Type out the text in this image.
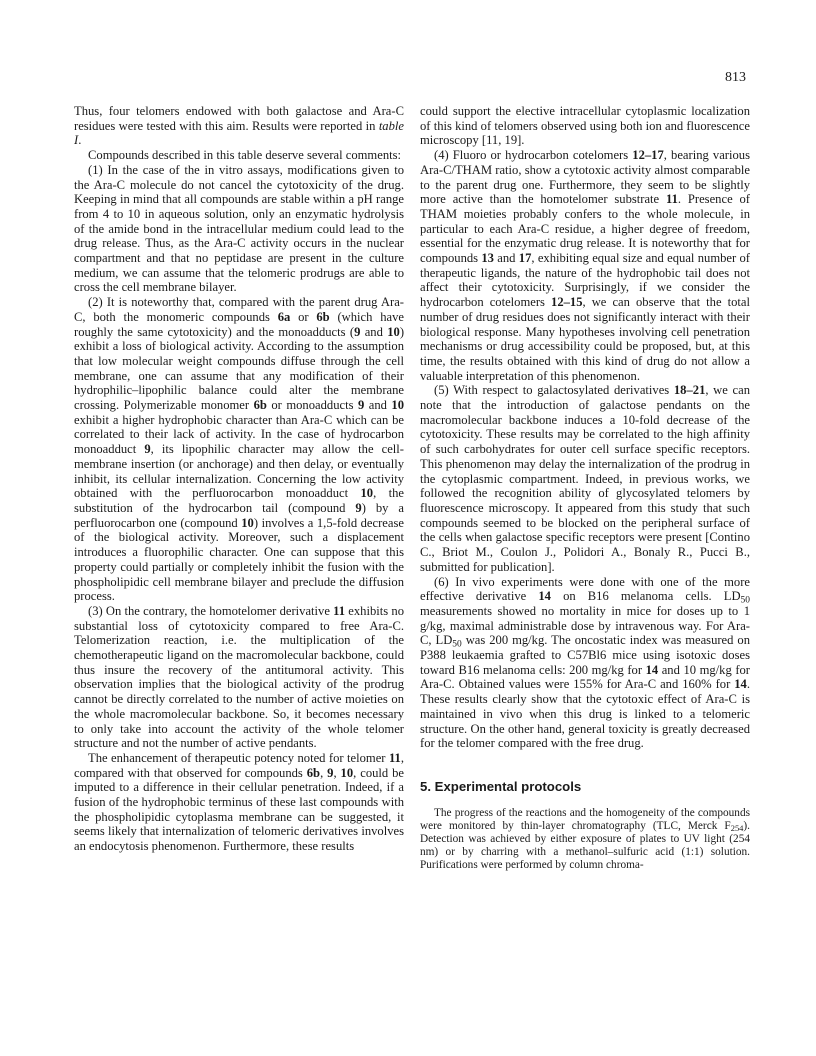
813

Thus, four telomers endowed with both galactose and Ara-C residues were tested with this aim. Results were reported in table I.

Compounds described in this table deserve several comments:

(1) In the case of the in vitro assays, modifications given to the Ara-C molecule do not cancel the cytotoxicity of the drug. Keeping in mind that all compounds are stable within a pH range from 4 to 10 in aqueous solution, only an enzymatic hydrolysis of the amide bond in the intracellular medium could lead to the drug release. Thus, as the Ara-C activity occurs in the nuclear compartment and that no peptidase are present in the culture medium, we can assume that the telomeric prodrugs are able to cross the cell membrane bilayer.

(2) It is noteworthy that, compared with the parent drug Ara-C, both the monomeric compounds 6a or 6b (which have roughly the same cytotoxicity) and the monoadducts (9 and 10) exhibit a loss of biological activity. According to the assumption that low molecular weight compounds diffuse through the cell membrane, one can assume that any modification of their hydrophilic–lipophilic balance could alter the membrane crossing. Polymerizable monomer 6b or monoadducts 9 and 10 exhibit a higher hydrophobic character than Ara-C which can be correlated to their lack of activity. In the case of hydrocarbon monoadduct 9, its lipophilic character may allow the cell-membrane insertion (or anchorage) and then delay, or eventually inhibit, its cellular internalization. Concerning the low activity obtained with the perfluorocarbon monoadduct 10, the substitution of the hydrocarbon tail (compound 9) by a perfluorocarbon one (compound 10) involves a 1,5-fold decrease of the biological activity. Moreover, such a displacement introduces a fluorophilic character. One can suppose that this property could partially or completely inhibit the fusion with the phospholipidic cell membrane bilayer and preclude the diffusion process.

(3) On the contrary, the homotelomer derivative 11 exhibits no substantial loss of cytotoxicity compared to free Ara-C. Telomerization reaction, i.e. the multiplication of the chemotherapeutic ligand on the macromolecular backbone, could thus insure the recovery of the antitumoral activity. This observation implies that the biological activity of the prodrug cannot be directly correlated to the number of active moieties on the whole macromolecular backbone. So, it becomes necessary to only take into account the activity of the whole telomer structure and not the number of active pendants.

The enhancement of therapeutic potency noted for telomer 11, compared with that observed for compounds 6b, 9, 10, could be imputed to a difference in their cellular penetration. Indeed, if a fusion of the hydrophobic terminus of these last compounds with the phospholipidic cytoplasma membrane can be suggested, it seems likely that internalization of telomeric derivatives involves an endocytosis phenomenon. Furthermore, these results

could support the elective intracellular cytoplasmic localization of this kind of telomers observed using both ion and fluorescence microscopy [11, 19].

(4) Fluoro or hydrocarbon cotelomers 12–17, bearing various Ara-C/THAM ratio, show a cytotoxic activity almost comparable to the parent drug one. Furthermore, they seem to be slightly more active than the homotelomer substrate 11. Presence of THAM moieties probably confers to the whole molecule, in particular to each Ara-C residue, a higher degree of freedom, essential for the enzymatic drug release. It is noteworthy that for compounds 13 and 17, exhibiting equal size and equal number of therapeutic ligands, the nature of the hydrophobic tail does not affect their cytotoxicity. Surprisingly, if we consider the hydrocarbon cotelomers 12–15, we can observe that the total number of drug residues does not significantly interact with their biological response. Many hypotheses involving cell penetration mechanisms or drug accessibility could be proposed, but, at this time, the results obtained with this kind of drug do not allow a valuable interpretation of this phenomenon.

(5) With respect to galactosylated derivatives 18–21, we can note that the introduction of galactose pendants on the macromolecular backbone induces a 10-fold decrease of the cytotoxicity. These results may be correlated to the high affinity of such carbohydrates for outer cell surface specific receptors. This phenomenon may delay the internalization of the prodrug in the cytoplasmic compartment. Indeed, in previous works, we followed the recognition ability of glycosylated telomers by fluorescence microscopy. It appeared from this study that such compounds seemed to be blocked on the peripheral surface of the cells when galactose specific receptors were present [Contino C., Briot M., Coulon J., Polidori A., Bonaly R., Pucci B., submitted for publication].

(6) In vivo experiments were done with one of the more effective derivative 14 on B16 melanoma cells. $LD_{50}$ measurements showed no mortality in mice for doses up to 1 g/kg, maximal administrable dose by intravenous way. For Ara-C, $LD_{50}$ was 200 mg/kg. The oncostatic index was measured on P388 leukaemia grafted to C57Bl6 mice using isotoxic doses toward B16 melanoma cells: 200 mg/kg for 14 and 10 mg/kg for Ara-C. Obtained values were 155% for Ara-C and 160% for 14. These results clearly show that the cytotoxic effect of Ara-C is maintained in vivo when this drug is linked to a telomeric structure. On the other hand, general toxicity is greatly decreased for the telomer compared with the free drug.

5. Experimental protocols

The progress of the reactions and the homogeneity of the compounds were monitored by thin-layer chromatography (TLC, Merck $F_{254}$). Detection was achieved by either exposure of plates to UV light (254 nm) or by charring with a methanol–sulfuric acid (1:1) solution. Purifications were performed by column chroma-
